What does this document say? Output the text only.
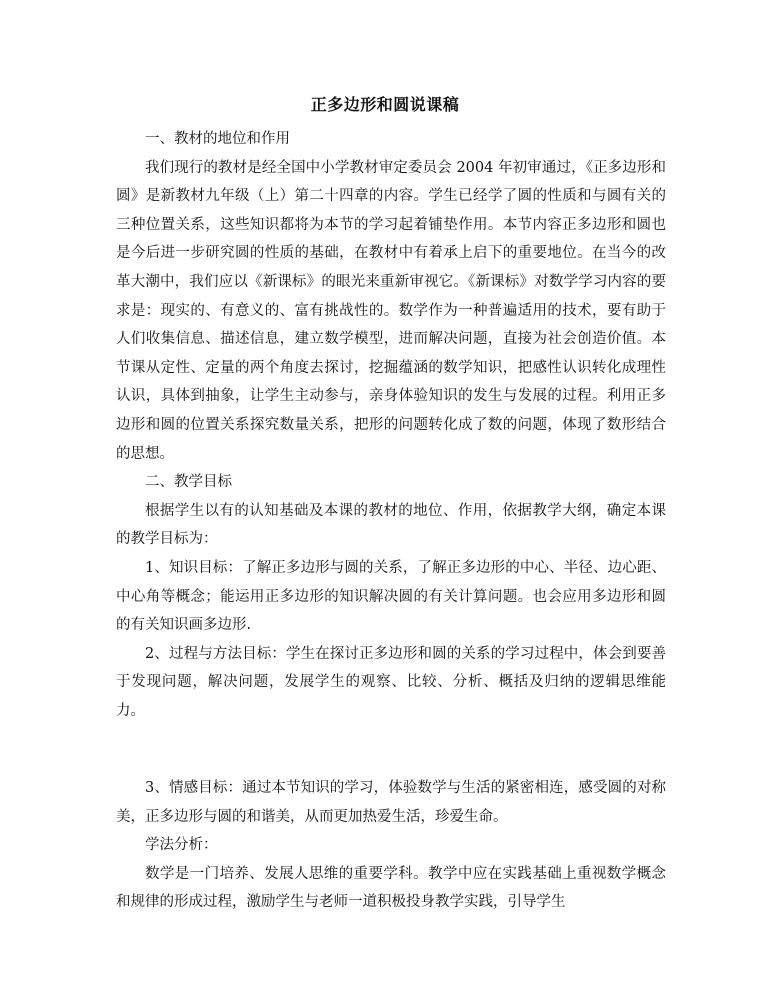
正多边形和圆说课稿

一、教材的地位和作用

我们现行的教材是经全国中小学教材审定委员会 2004 年初审通过，《正多边形和圆》是新教材九年级（上）第二十四章的内容。学生已经学了圆的性质和与圆有关的三种位置关系，这些知识都将为本节的学习起着铺垫作用。本节内容正多边形和圆也是今后进一步研究圆的性质的基础，在教材中有着承上启下的重要地位。在当今的改革大潮中，我们应以《新课标》的眼光来重新审视它。《新课标》对数学学习内容的要求是：现实的、有意义的、富有挑战性的。数学作为一种普遍适用的技术，要有助于人们收集信息、描述信息，建立数学模型，进而解决问题，直接为社会创造价值。本节课从定性、定量的两个角度去探讨，挖掘蕴涵的数学知识，把感性认识转化成理性认识，具体到抽象，让学生主动参与，亲身体验知识的发生与发展的过程。利用正多边形和圆的位置关系探究数量关系，把形的问题转化成了数的问题，体现了数形结合的思想。

二、教学目标

根据学生以有的认知基础及本课的教材的地位、作用，依据教学大纲，确定本课的教学目标为：

1、知识目标：了解正多边形与圆的关系，了解正多边形的中心、半径、边心距、中心角等概念；能运用正多边形的知识解决圆的有关计算问题。也会应用多边形和圆的有关知识画多边形.

2、过程与方法目标：学生在探讨正多边形和圆的关系的学习过程中，体会到要善于发现问题，解决问题，发展学生的观察、比较、分析、概括及归纳的逻辑思维能力。

3、情感目标：通过本节知识的学习，体验数学与生活的紧密相连，感受圆的对称美，正多边形与圆的和谐美，从而更加热爱生活，珍爱生命。

学法分析：

数学是一门培养、发展人思维的重要学科。教学中应在实践基础上重视数学概念和规律的形成过程，激励学生与老师一道积极投身教学实践，引导学生
